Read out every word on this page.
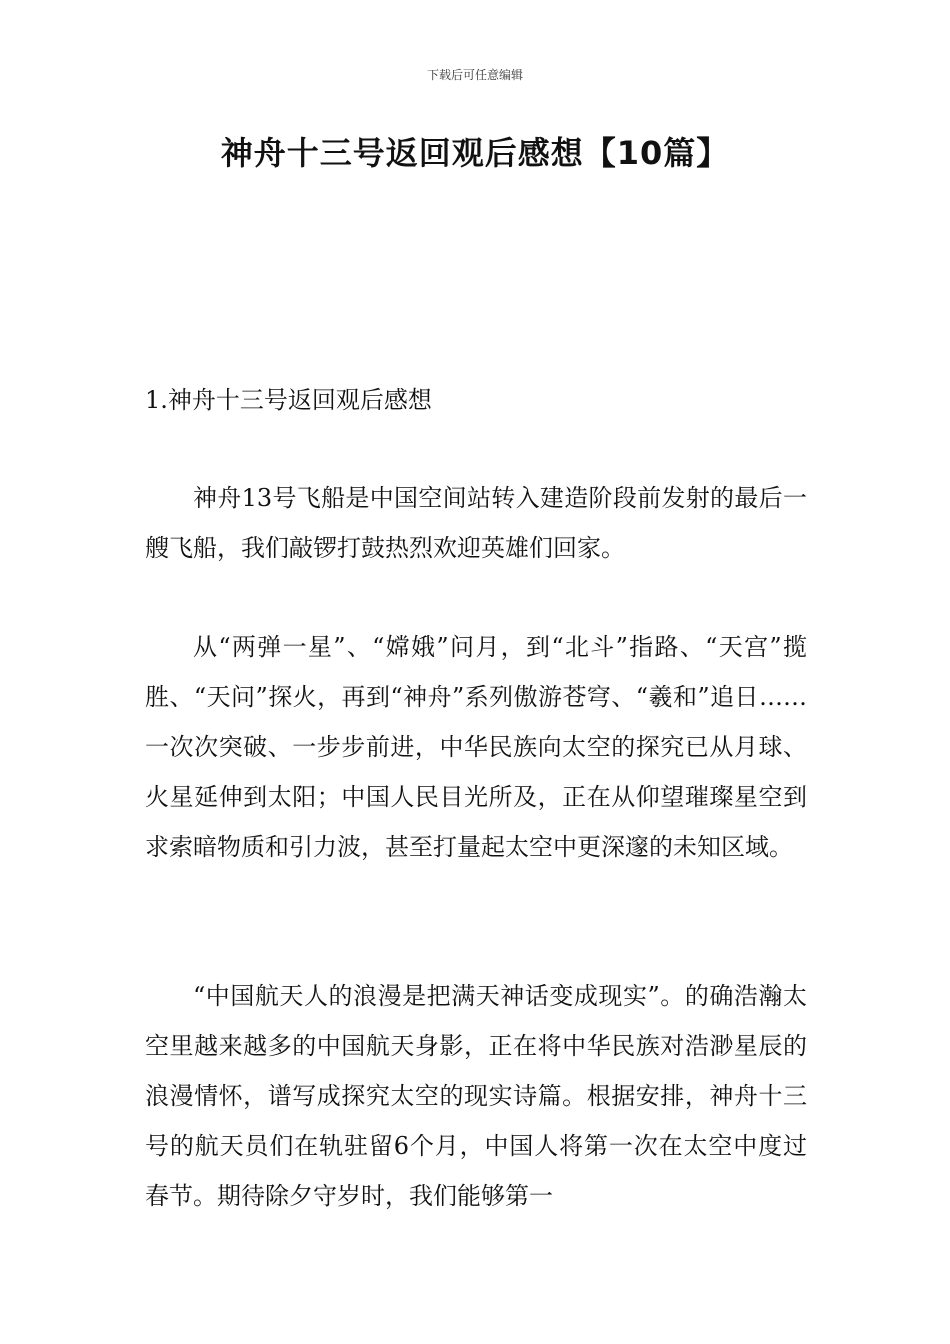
下载后可任意编辑
神舟十三号返回观后感想【10篇】
1.神舟十三号返回观后感想

神舟13号飞船是中国空间站转入建造阶段前发射的最后一艘飞船，我们敲锣打鼓热烈欢迎英雄们回家。

从“两弹一星”、“嫦娥”问月，到“北斗”指路、“天宫”揽胜、“天问”探火，再到“神舟”系列傲游苍穹、“羲和”追日……一次次突破、一步步前进，中华民族向太空的探究已从月球、火星延伸到太阳；中国人民目光所及，正在从仰望璀璨星空到求索暗物质和引力波，甚至打量起太空中更深邃的未知区域。

“中国航天人的浪漫是把满天神话变成现实”。的确浩瀚太空里越来越多的中国航天身影，正在将中华民族对浩渺星辰的浪漫情怀，谱写成探究太空的现实诗篇。根据安排，神舟十三号的航天员们在轨驻留6个月，中国人将第一次在太空中度过春节。期待除夕守岁时，我们能够第一
